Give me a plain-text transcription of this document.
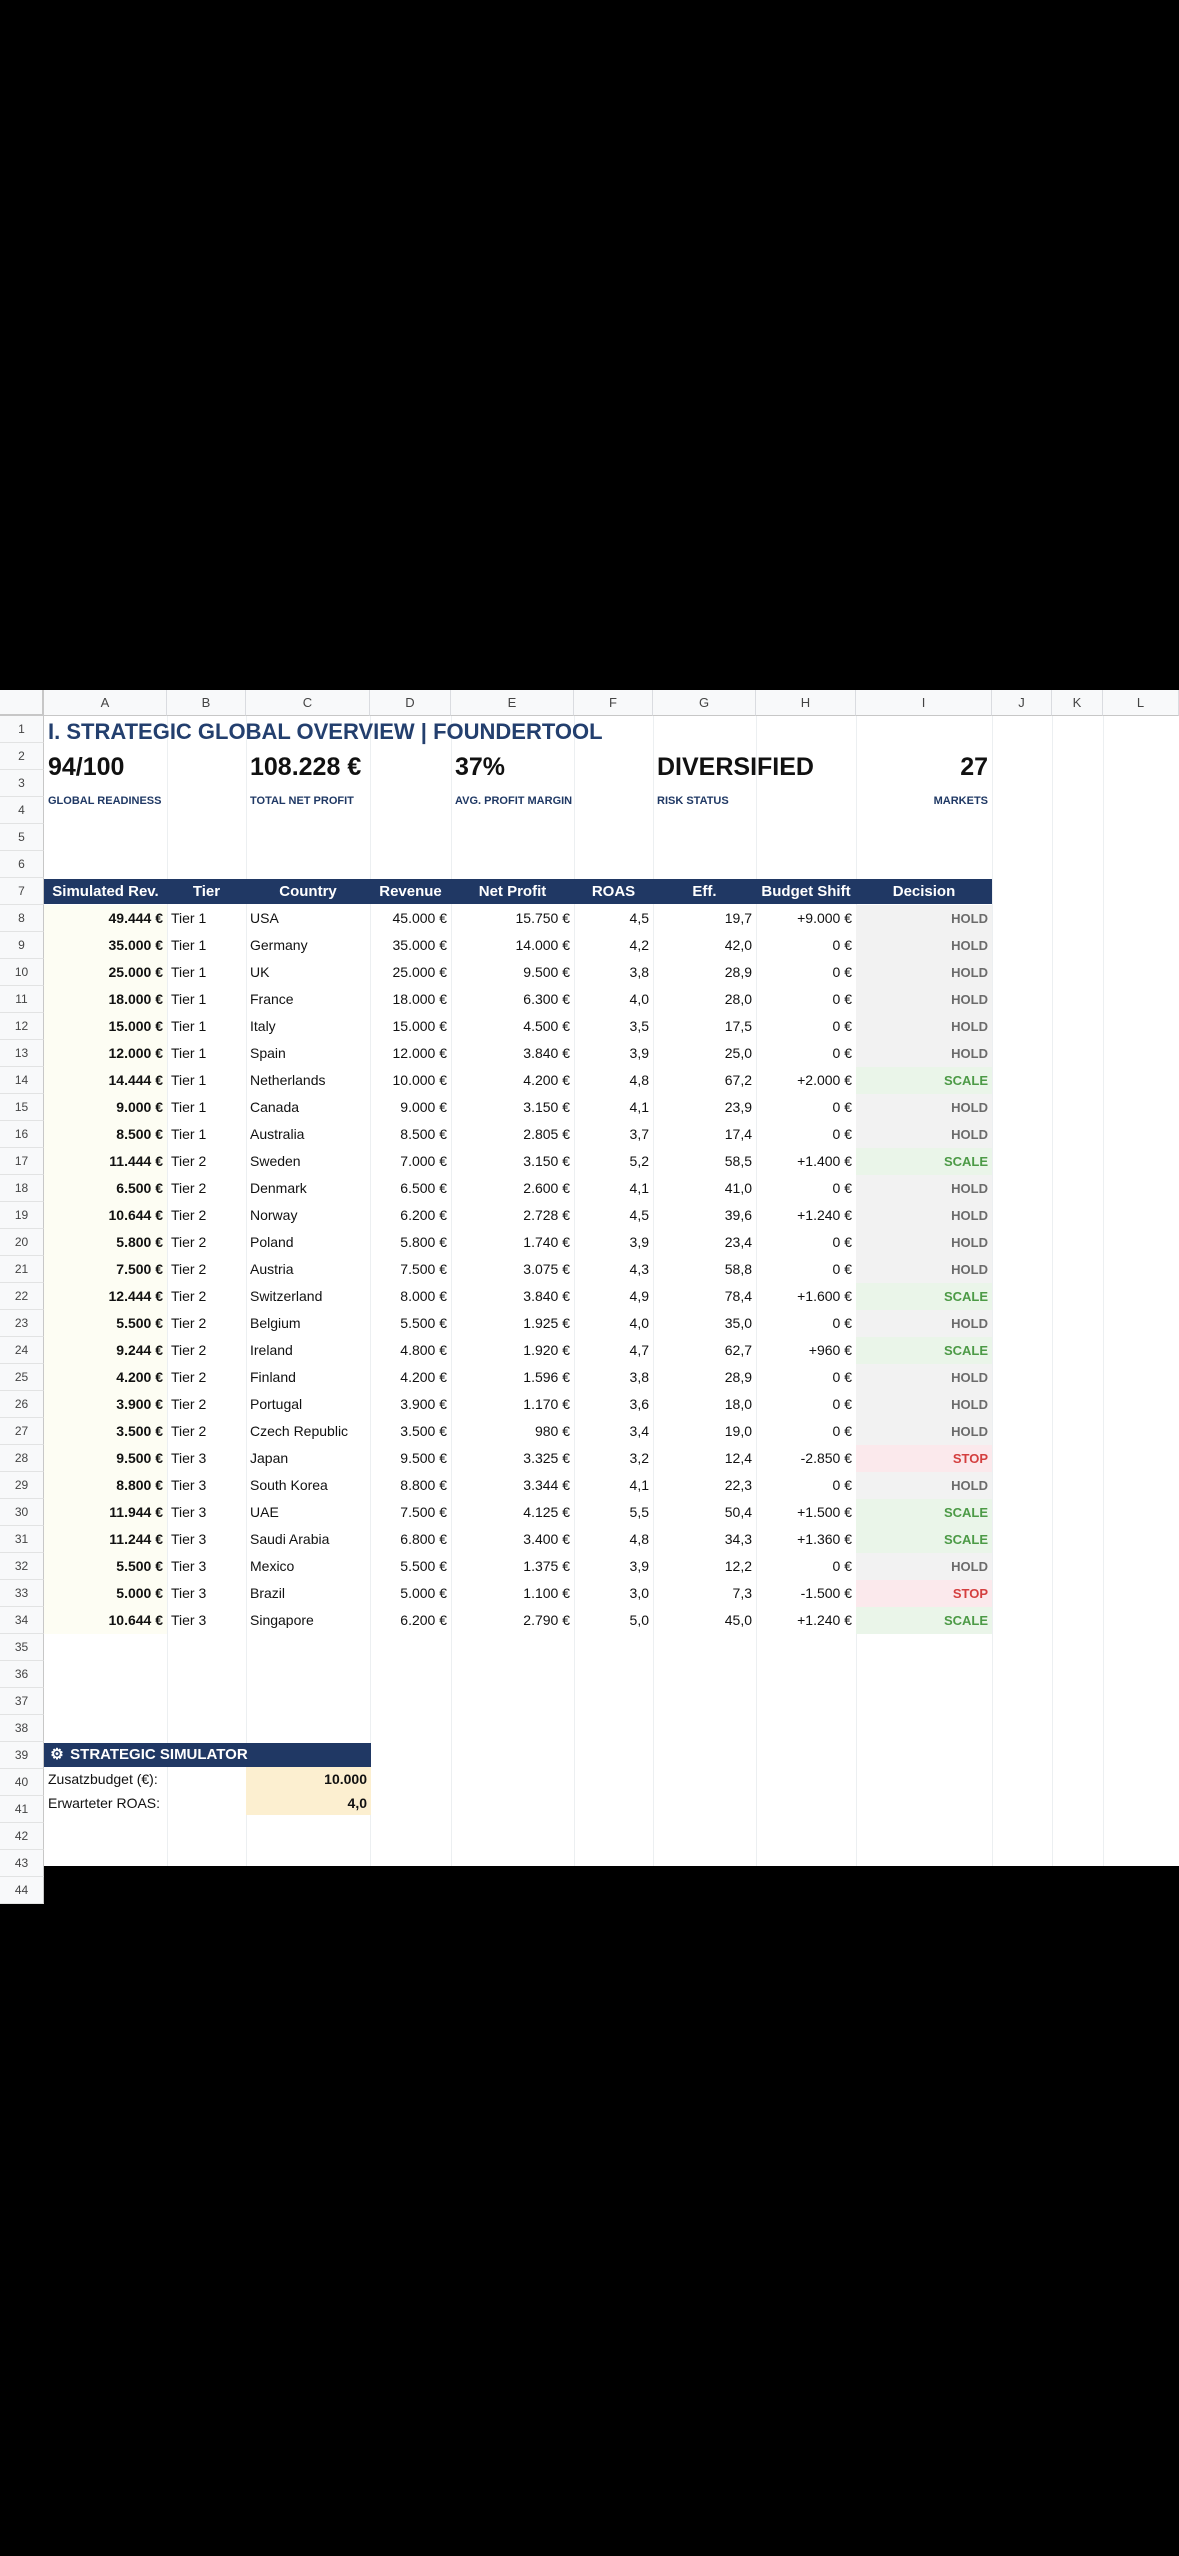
A	B	C	D	E	F	G	H	I	J	K	L
1
2
3
4
5
6
7
8
9
10
11
12
13
14
15
16
17
18
19
20
21
22
23
24
25
26
27
28
29
30
31
32
33
34
35
36
37
38
39
40
41
42
43
44
I. STRATEGIC GLOBAL OVERVIEW | FOUNDERTOOL
94/100
GLOBAL READINESS
108.228 €
TOTAL NET PROFIT
37%
AVG. PROFIT MARGIN
DIVERSIFIED
RISK STATUS
27
MARKETS
Simulated Rev.	Tier	Country	Revenue	Net Profit	ROAS	Eff.	Budget Shift	Decision
49.444 € Tier 1	USA	45.000 €	15.750 €	4,5	19,7	+9.000 €	HOLD
35.000 € Tier 1	Germany	35.000 €	14.000 €	4,2	42,0	0 €	HOLD
25.000 € Tier 1	UK	25.000 €	9.500 €	3,8	28,9	0 €	HOLD
18.000 € Tier 1	France	18.000 €	6.300 €	4,0	28,0	0 €	HOLD
15.000 € Tier 1	Italy	15.000 €	4.500 €	3,5	17,5	0 €	HOLD
12.000 € Tier 1	Spain	12.000 €	3.840 €	3,9	25,0	0 €	HOLD
14.444 € Tier 1	Netherlands	10.000 €	4.200 €	4,8	67,2	+2.000 €	SCALE
9.000 € Tier 1	Canada	9.000 €	3.150 €	4,1	23,9	0 €	HOLD
8.500 € Tier 1	Australia	8.500 €	2.805 €	3,7	17,4	0 €	HOLD
11.444 € Tier 2	Sweden	7.000 €	3.150 €	5,2	58,5	+1.400 €	SCALE
6.500 € Tier 2	Denmark	6.500 €	2.600 €	4,1	41,0	0 €	HOLD
10.644 € Tier 2	Norway	6.200 €	2.728 €	4,5	39,6	+1.240 €	HOLD
5.800 € Tier 2	Poland	5.800 €	1.740 €	3,9	23,4	0 €	HOLD
7.500 € Tier 2	Austria	7.500 €	3.075 €	4,3	58,8	0 €	HOLD
12.444 € Tier 2	Switzerland	8.000 €	3.840 €	4,9	78,4	+1.600 €	SCALE
5.500 € Tier 2	Belgium	5.500 €	1.925 €	4,0	35,0	0 €	HOLD
9.244 € Tier 2	Ireland	4.800 €	1.920 €	4,7	62,7	+960 €	SCALE
4.200 € Tier 2	Finland	4.200 €	1.596 €	3,8	28,9	0 €	HOLD
3.900 € Tier 2	Portugal	3.900 €	1.170 €	3,6	18,0	0 €	HOLD
3.500 € Tier 2	Czech Republic	3.500 €	980 €	3,4	19,0	0 €	HOLD
9.500 € Tier 3	Japan	9.500 €	3.325 €	3,2	12,4	-2.850 €	STOP
8.800 € Tier 3	South Korea	8.800 €	3.344 €	4,1	22,3	0 €	HOLD
11.944 € Tier 3	UAE	7.500 €	4.125 €	5,5	50,4	+1.500 €	SCALE
11.244 € Tier 3	Saudi Arabia	6.800 €	3.400 €	4,8	34,3	+1.360 €	SCALE
5.500 € Tier 3	Mexico	5.500 €	1.375 €	3,9	12,2	0 €	HOLD
5.000 € Tier 3	Brazil	5.000 €	1.100 €	3,0	7,3	-1.500 €	STOP
10.644 € Tier 3	Singapore	6.200 €	2.790 €	5,0	45,0	+1.240 €	SCALE
⚙ STRATEGIC SIMULATOR
Zusatzbudget (€):	10.000
Erwarteter ROAS:	4,0
